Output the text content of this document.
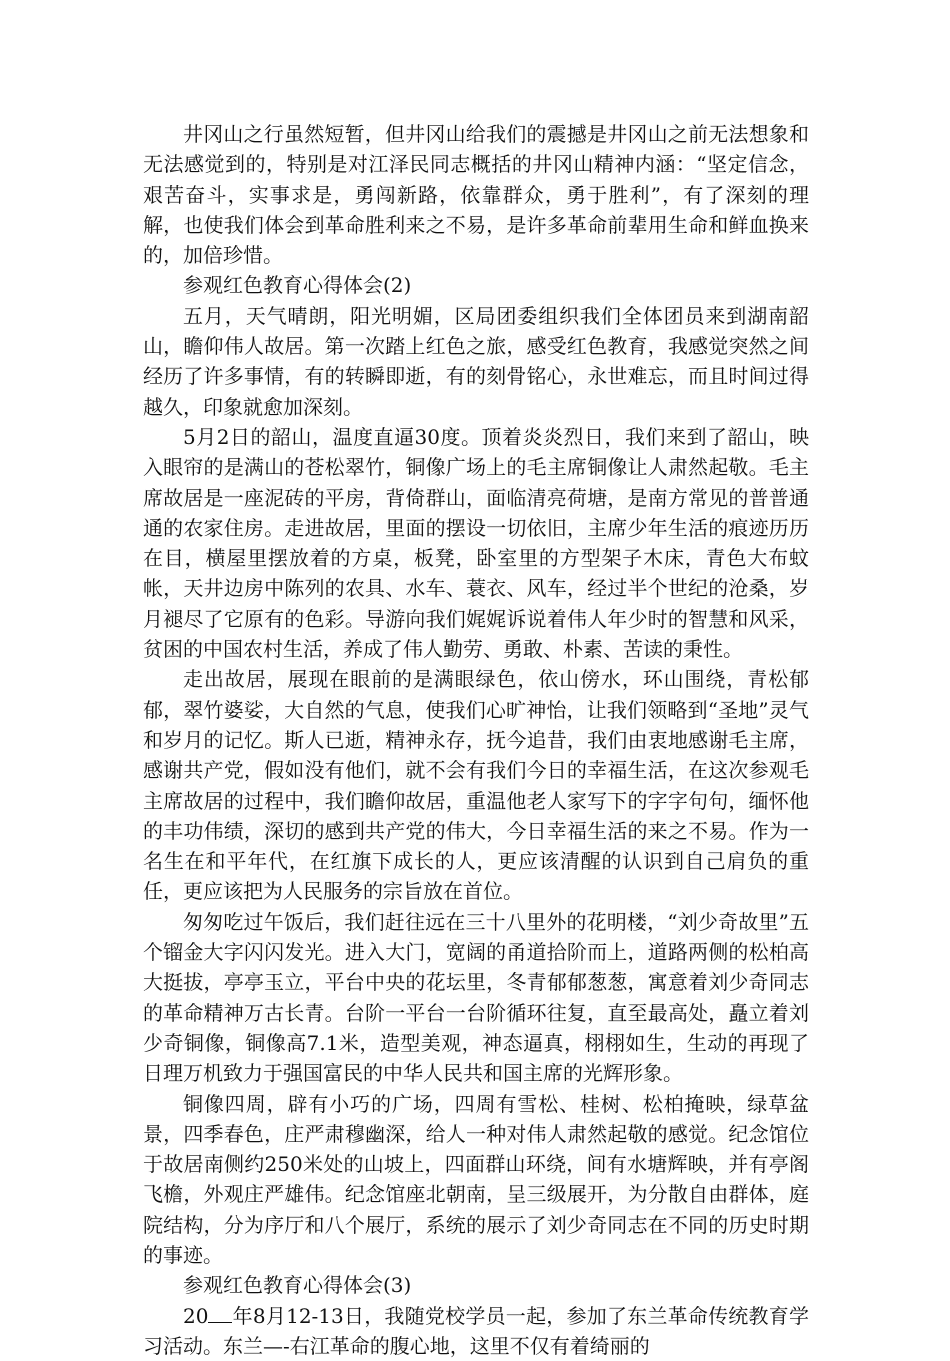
井冈山之行虽然短暂，但井冈山给我们的震撼是井冈山之前无法想象和无法感觉到的，特别是对江泽民同志概括的井冈山精神内涵：“坚定信念，艰苦奋斗，实事求是，勇闯新路，依靠群众，勇于胜利”，有了深刻的理解，也使我们体会到革命胜利来之不易，是许多革命前辈用生命和鲜血换来的，加倍珍惜。

参观红色教育心得体会(2)

五月，天气晴朗，阳光明媚，区局团委组织我们全体团员来到湖南韶山，瞻仰伟人故居。第一次踏上红色之旅，感受红色教育，我感觉突然之间经历了许多事情，有的转瞬即逝，有的刻骨铭心，永世难忘，而且时间过得越久，印象就愈加深刻。

5月2日的韶山，温度直逼30度。顶着炎炎烈日，我们来到了韶山，映入眼帘的是满山的苍松翠竹，铜像广场上的毛主席铜像让人肃然起敬。毛主席故居是一座泥砖的平房，背倚群山，面临清亮荷塘，是南方常见的普普通通的农家住房。走进故居，里面的摆设一切依旧，主席少年生活的痕迹历历在目，横屋里摆放着的方桌，板凳，卧室里的方型架子木床，青色大布蚊帐，天井边房中陈列的农具、水车、蓑衣、风车，经过半个世纪的沧桑，岁月褪尽了它原有的色彩。导游向我们娓娓诉说着伟人年少时的智慧和风采，贫困的中国农村生活，养成了伟人勤劳、勇敢、朴素、苦读的秉性。

走出故居，展现在眼前的是满眼绿色，依山傍水，环山围绕，青松郁郁，翠竹婆娑，大自然的气息，使我们心旷神怡，让我们领略到“圣地”灵气和岁月的记忆。斯人已逝，精神永存，抚今追昔，我们由衷地感谢毛主席，感谢共产党，假如没有他们，就不会有我们今日的幸福生活，在这次参观毛主席故居的过程中，我们瞻仰故居，重温他老人家写下的字字句句，缅怀他的丰功伟绩，深切的感到共产党的伟大，今日幸福生活的来之不易。作为一名生在和平年代，在红旗下成长的人，更应该清醒的认识到自己肩负的重任，更应该把为人民服务的宗旨放在首位。

匆匆吃过午饭后，我们赶往远在三十八里外的花明楼，“刘少奇故里”五个镏金大字闪闪发光。进入大门，宽阔的甬道拾阶而上，道路两侧的松柏高大挺拔，亭亭玉立，平台中央的花坛里，冬青郁郁葱葱，寓意着刘少奇同志的革命精神万古长青。台阶一平台一台阶循环往复，直至最高处，矗立着刘少奇铜像，铜像高7.1米，造型美观，神态逼真，栩栩如生，生动的再现了日理万机致力于强国富民的中华人民共和国主席的光辉形象。

铜像四周，辟有小巧的广场，四周有雪松、桂树、松柏掩映，绿草盆景，四季春色，庄严肃穆幽深，给人一种对伟人肃然起敬的感觉。纪念馆位于故居南侧约250米处的山坡上，四面群山环绕，间有水塘辉映，并有亭阁飞檐，外观庄严雄伟。纪念馆座北朝南，呈三级展开，为分散自由群体，庭院结构，分为序厅和八个展厅，系统的展示了刘少奇同志在不同的历史时期的事迹。

参观红色教育心得体会(3)

20 年8月12-13日，我随党校学员一起，参加了东兰革命传统教育学习活动。东兰—-右江革命的腹心地，这里不仅有着绮丽的
